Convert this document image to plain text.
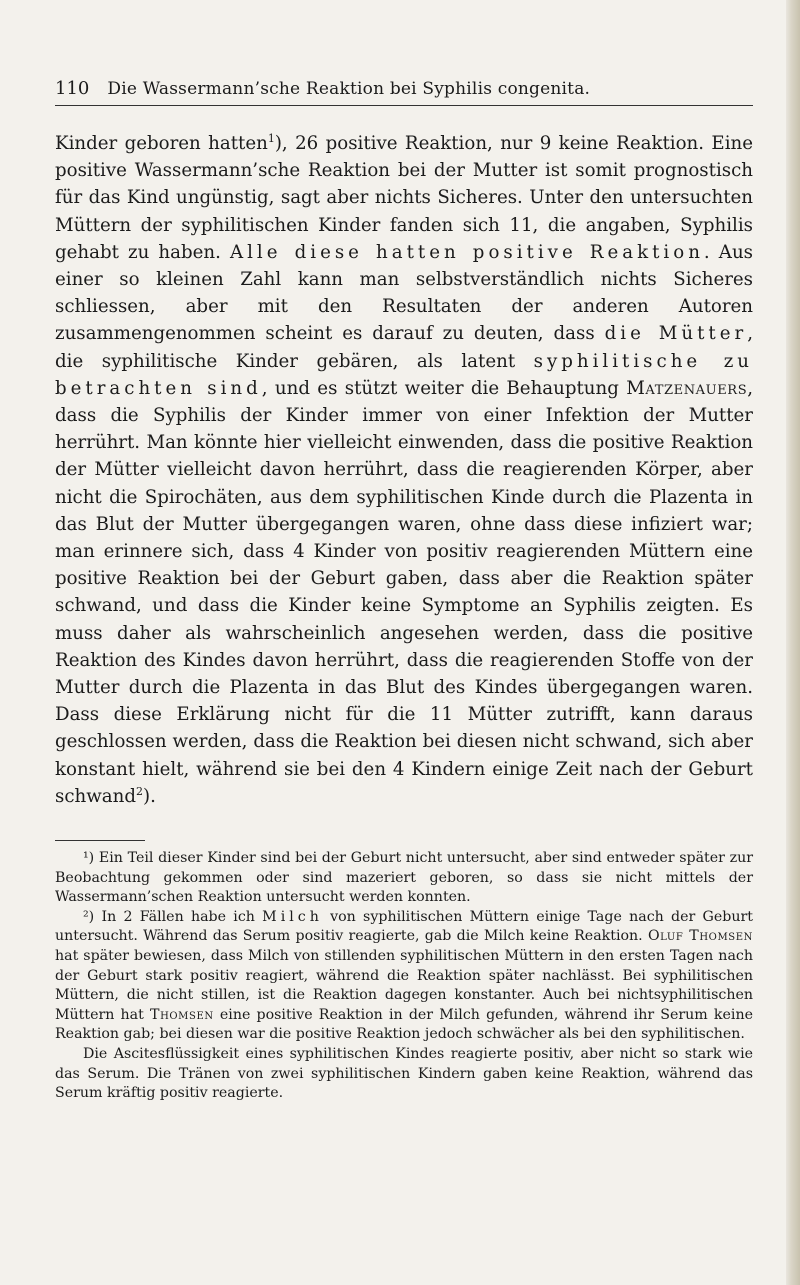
110 Die Wassermann’sche Reaktion bei Syphilis congenita.

Kinder geboren hatten$^1$), 26 positive Reaktion, nur 9 keine Reaktion. Eine positive Wassermann’sche Reaktion bei der Mutter ist somit prognostisch für das Kind ungünstig, sagt aber nichts Sicheres. Unter den untersuchten Müttern der syphilitischen Kinder fanden sich 11, die angaben, Syphilis gehabt zu haben. Alle diese hatten positive Reaktion. Aus einer so kleinen Zahl kann man selbstverständlich nichts Sicheres schliessen, aber mit den Resultaten der anderen Autoren zusammengenommen scheint es darauf zu deuten, dass die Mütter, die syphilitische Kinder gebären, als latent syphilitische zu betrachten sind, und es stützt weiter die Behauptung Matzenauers, dass die Syphilis der Kinder immer von einer Infektion der Mutter herrührt. Man könnte hier vielleicht einwenden, dass die positive Reaktion der Mütter vielleicht davon herrührt, dass die reagierenden Körper, aber nicht die Spirochäten, aus dem syphilitischen Kinde durch die Plazenta in das Blut der Mutter übergegangen waren, ohne dass diese infiziert war; man erinnere sich, dass 4 Kinder von positiv reagierenden Müttern eine positive Reaktion bei der Geburt gaben, dass aber die Reaktion später schwand, und dass die Kinder keine Symptome an Syphilis zeigten. Es muss daher als wahrscheinlich angesehen werden, dass die positive Reaktion des Kindes davon herrührt, dass die reagierenden Stoffe von der Mutter durch die Plazenta in das Blut des Kindes übergegangen waren. Dass diese Erklärung nicht für die 11 Mütter zutrifft, kann daraus geschlossen werden, dass die Reaktion bei diesen nicht schwand, sich aber konstant hielt, während sie bei den 4 Kindern einige Zeit nach der Geburt schwand$^2$).

¹) Ein Teil dieser Kinder sind bei der Geburt nicht untersucht, aber sind entweder später zur Beobachtung gekommen oder sind mazeriert geboren, so dass sie nicht mittels der Wassermann’schen Reaktion untersucht werden konnten.

²) In 2 Fällen habe ich Milch von syphilitischen Müttern einige Tage nach der Geburt untersucht. Während das Serum positiv reagierte, gab die Milch keine Reaktion. Oluf Thomsen hat später bewiesen, dass Milch von stillenden syphilitischen Müttern in den ersten Tagen nach der Geburt stark positiv reagiert, während die Reaktion später nachlässt. Bei syphilitischen Müttern, die nicht stillen, ist die Reaktion dagegen konstanter. Auch bei nichtsyphilitischen Müttern hat Thomsen eine positive Reaktion in der Milch gefunden, während ihr Serum keine Reaktion gab; bei diesen war die positive Reaktion jedoch schwächer als bei den syphilitischen.

Die Ascitesflüssigkeit eines syphilitischen Kindes reagierte positiv, aber nicht so stark wie das Serum. Die Tränen von zwei syphilitischen Kindern gaben keine Reaktion, während das Serum kräftig positiv reagierte.
